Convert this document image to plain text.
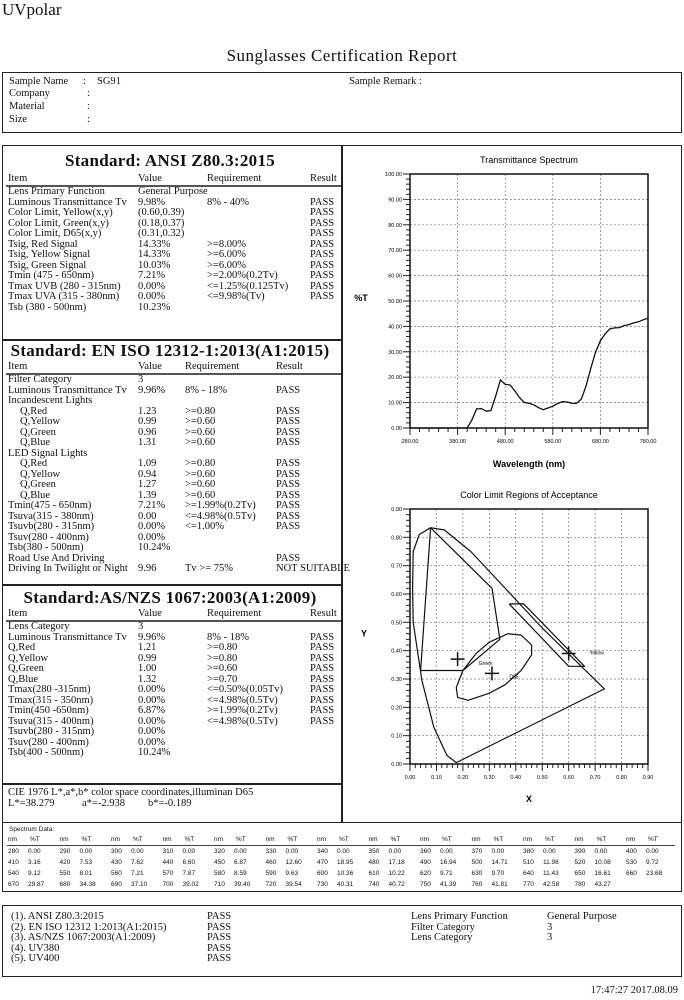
UVpolar
Sunglasses Certification Report
Sample Name : SG91
Company	:
Material	:
Size	:
Sample Remark :
Standard: ANSI Z80.3:2015
Item	Value	Requirement	Result
Lens Primary Function	General Purpose
Luminous Transmittance Tv 9.98%	8% - 40%	PASS
Color Limit, Yellow(x,y) (0.60,0.39)	PASS
Color Limit, Green(x,y)	(0.18,0.37)	PASS
Color Limit, D65(x,y)	(0.31,0.32)	PASS
Tsig, Red Signal	14.33%	>=8.00%	PASS
Tsig, Yellow Signal	14.33%	>=6.00%	PASS
Tsig, Green Signal	10.03%	>=6.00%	PASS
Tmin (475 - 650nm)	7.21%	>=2.00%(0.2Tv)	PASS
Tmax UVB (280 - 315nm) 0.00%	<=1.25%(0.125Tv) PASS
Tmax UVA (315 - 380nm) 0.00%	<=9.98%(Tv)	PASS
Tsb (380 - 500nm)	10.23%
Standard: EN ISO 12312-1:2013(A1:2015)
Item	Value Requirement	Result
Filter Category	3
Luminous Transmittance Tv 9.96% 8% - 18%	PASS
Incandescent Lights
Q,Red	1.23	>=0.80	PASS
Q,Yellow	0.99	>=0.60	PASS
Q,Green	0.96	>=0.60	PASS
Q,Blue	1.31	>=0.60	PASS
LED Signal Lights
Q,Red	1.09	>=0.80	PASS
Q,Yellow	0.94	>=0.60	PASS
Q,Green	1.27	>=0.60	PASS
Q,Blue	1.39	>=0.60	PASS
Tmin(475 - 650nm)	7.21% >=1.99%(0.2Tv) PASS
Tsuva(315 - 380nm)	0.00	<=4.98%(0.5Tv) PASS
Tsuvb(280 - 315nm)	0.00% <=1.00%	PASS
Tsuv(280 - 400nm)	0.00%
Tsb(380 - 500nm)	10.24%
Road Use And Driving	PASS
Driving In Twilight or Night 9.96	Tv >= 75%	NOT SUITABLE
Standard:AS/NZS 1067:2003(A1:2009)
Item	Value	Requirement	Result
Lens Category	3
Luminous Transmittance Tv 9.96%	8% - 18%	PASS
Q,Red	1.21	>=0.80	PASS
Q,Yellow	0.99	>=0.80	PASS
Q,Green	1.00	>=0.60	PASS
Q,Blue	1.32	>=0.70	PASS
Tmax(280 -315nm)	0.00%	<=0.50%(0.05Tv)	PASS
Tmax(315 - 350nm)	0.00%	<=4.98%(0.5Tv)	PASS
Tmin(450 -650nm)	6.87%	>=1.99%(0.2Tv)	PASS
Tsuva(315 - 400nm)	0.00%	<=4.98%(0.5Tv)	PASS
Tsuvb(280 - 315nm)	0.00%
Tsuv(280 - 400nm)	0.00%
Tsb(400 - 500nm)	10.24%
CIE 1976 L*,a*,b* color space coordinates,illuminan D65
L*=38.279	a*=-2.938 b*=-0.189
Transmittance Spectrum
280.00	380.00	480.00	580.00	680.00	780.00
0.00
10.00
20.00
30.00
40.00
50.00
60.00
70.00
80.00
90.00
100.00
Wavelength (nm)
%T
Color Limit Regions of Acceptance
0.00	0.10	0.20	0.30	0.40	0.50	0.60	0.70	0.80	0.90
0.00
0.10
0.20
0.30
0.40
0.50
0.60
0.70
0.80
0.90
X
Y
Green
D65
Yellow
Spectrum Data:
nm %T	nm %T	nm %T	nm %T	nm %T	nm %T	nm %T	nm %T	nm %T	nm %T	nm %T	nm %T	nm %T
280 0.00	290 0.00	300 0.00	310 0.00	320 0.00	330 0.00	340 0.00	350 0.00	360 0.00	370 0.00	380 0.00	390 0.00	400 0.00
410 3.16	420 7.53	430 7.62	440 6.60	450 6.87	460 12.60 470 18.95 480 17.18 490 16.94 500 14.71 510 11.98 520 10.08 530 9.72
540 9.12	550 8.01	560 7.21	570 7.87	580 8.59	590 9.63	600 10.36 610 10.22 620 9.71	630 9.70	640 11.43 650 16.61 660 23.68
670 29.87 680 34.38 690 37.10 700 39.02 710 39.40 720 39.54 730 40.31 740 40.72 750 41.39 760 41.81 770 42.58 780 43.27
(1). ANSI Z80.3:2015	PASS
(2). EN ISO 12312 1:2013(A1:2015)	PASS
(3). AS/NZS 1067:2003(A1:2009)	PASS
(4). UV380	PASS
(5). UV400	PASS
Lens Primary Function	General Purpose
Filter Category	3
Lens Category	3
17:47:27 2017.08.09
